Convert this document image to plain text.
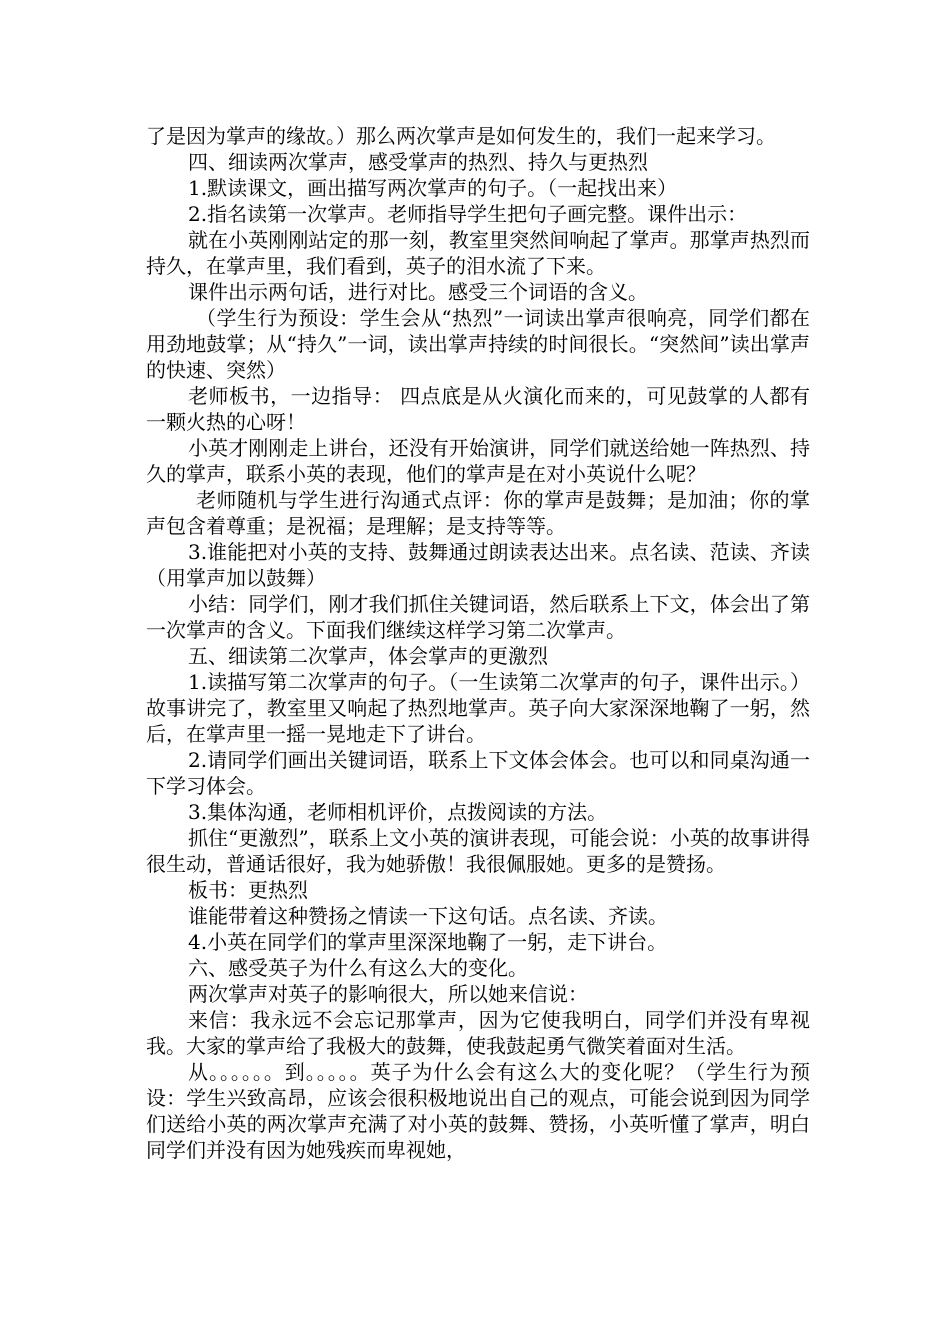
了是因为掌声的缘故。）那么两次掌声是如何发生的，我们一起来学习。

四、细读两次掌声，感受掌声的热烈、持久与更热烈

1.默读课文，画出描写两次掌声的句子。（一起找出来）

2.指名读第一次掌声。老师指导学生把句子画完整。课件出示：

就在小英刚刚站定的那一刻，教室里突然间响起了掌声。那掌声热烈而持久，在掌声里，我们看到，英子的泪水流了下来。

课件出示两句话，进行对比。感受三个词语的含义。

（学生行为预设：学生会从“热烈”一词读出掌声很响亮，同学们都在用劲地鼓掌；从“持久”一词，读出掌声持续的时间很长。“突然间”读出掌声的快速、突然）

老师板书，一边指导： 四点底是从火演化而来的，可见鼓掌的人都有一颗火热的心呀！

小英才刚刚走上讲台，还没有开始演讲，同学们就送给她一阵热烈、持久的掌声，联系小英的表现，他们的掌声是在对小英说什么呢？

老师随机与学生进行沟通式点评：你的掌声是鼓舞；是加油；你的掌声包含着尊重；是祝福；是理解；是支持等等。

3.谁能把对小英的支持、鼓舞通过朗读表达出来。点名读、范读、齐读（用掌声加以鼓舞）

小结：同学们，刚才我们抓住关键词语，然后联系上下文，体会出了第一次掌声的含义。下面我们继续这样学习第二次掌声。

五、细读第二次掌声，体会掌声的更激烈

1.读描写第二次掌声的句子。（一生读第二次掌声的句子，课件出示。）故事讲完了，教室里又响起了热烈地掌声。英子向大家深深地鞠了一躬，然后，在掌声里一摇一晃地走下了讲台。

2.请同学们画出关键词语，联系上下文体会体会。也可以和同桌沟通一下学习体会。

3.集体沟通，老师相机评价，点拨阅读的方法。

抓住“更激烈”，联系上文小英的演讲表现，可能会说：小英的故事讲得很生动，普通话很好，我为她骄傲！我很佩服她。更多的是赞扬。

板书：更热烈

谁能带着这种赞扬之情读一下这句话。点名读、齐读。

4.小英在同学们的掌声里深深地鞠了一躬，走下讲台。

六、感受英子为什么有这么大的变化。

两次掌声对英子的影响很大，所以她来信说：

来信：我永远不会忘记那掌声，因为它使我明白，同学们并没有卑视我。大家的掌声给了我极大的鼓舞，使我鼓起勇气微笑着面对生活。

从。。。。。。到。。。。。英子为什么会有这么大的变化呢？（学生行为预设：学生兴致高昂，应该会很积极地说出自己的观点，可能会说到因为同学们送给小英的两次掌声充满了对小英的鼓舞、赞扬，小英听懂了掌声，明白同学们并没有因为她残疾而卑视她，
